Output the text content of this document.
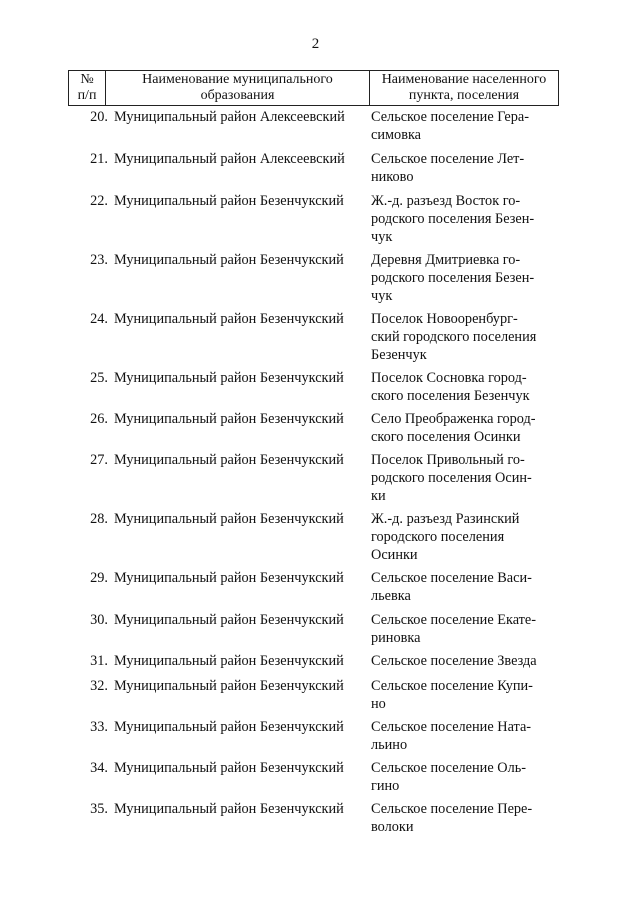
2
№
п/п

Наименование муниципального
образования

Наименование населенного
пункта, поселения
20. Муниципальный район Алексеевский Сельское поселение Гера-
симовка
21. Муниципальный район Алексеевский Сельское поселение Лет-
никово
22. Муниципальный район Безенчукский Ж.-д. разъезд Восток го-
родского поселения Безен-
чук
23. Муниципальный район Безенчукский Деревня Дмитриевка го-
родского поселения Безен-
чук
24. Муниципальный район Безенчукский Поселок Новооренбург-
ский городского поселения
Безенчук
25. Муниципальный район Безенчукский Поселок Сосновка город-
ского поселения Безенчук
26. Муниципальный район Безенчукский Село Преображенка город-
ского поселения Осинки
27. Муниципальный район Безенчукский Поселок Привольный го-
родского поселения Осин-
ки
28. Муниципальный район Безенчукский Ж.-д. разъезд Разинский
городского поселения
Осинки
29. Муниципальный район Безенчукский Сельское поселение Васи-
льевка
30. Муниципальный район Безенчукский Сельское поселение Екате-
риновка
31. Муниципальный район Безенчукский Сельское поселение Звезда
32. Муниципальный район Безенчукский Сельское поселение Купи-
но
33. Муниципальный район Безенчукский Сельское поселение Ната-
льино
34. Муниципальный район Безенчукский Сельское поселение Оль-
гино
35. Муниципальный район Безенчукский Сельское поселение Пере-
волоки
